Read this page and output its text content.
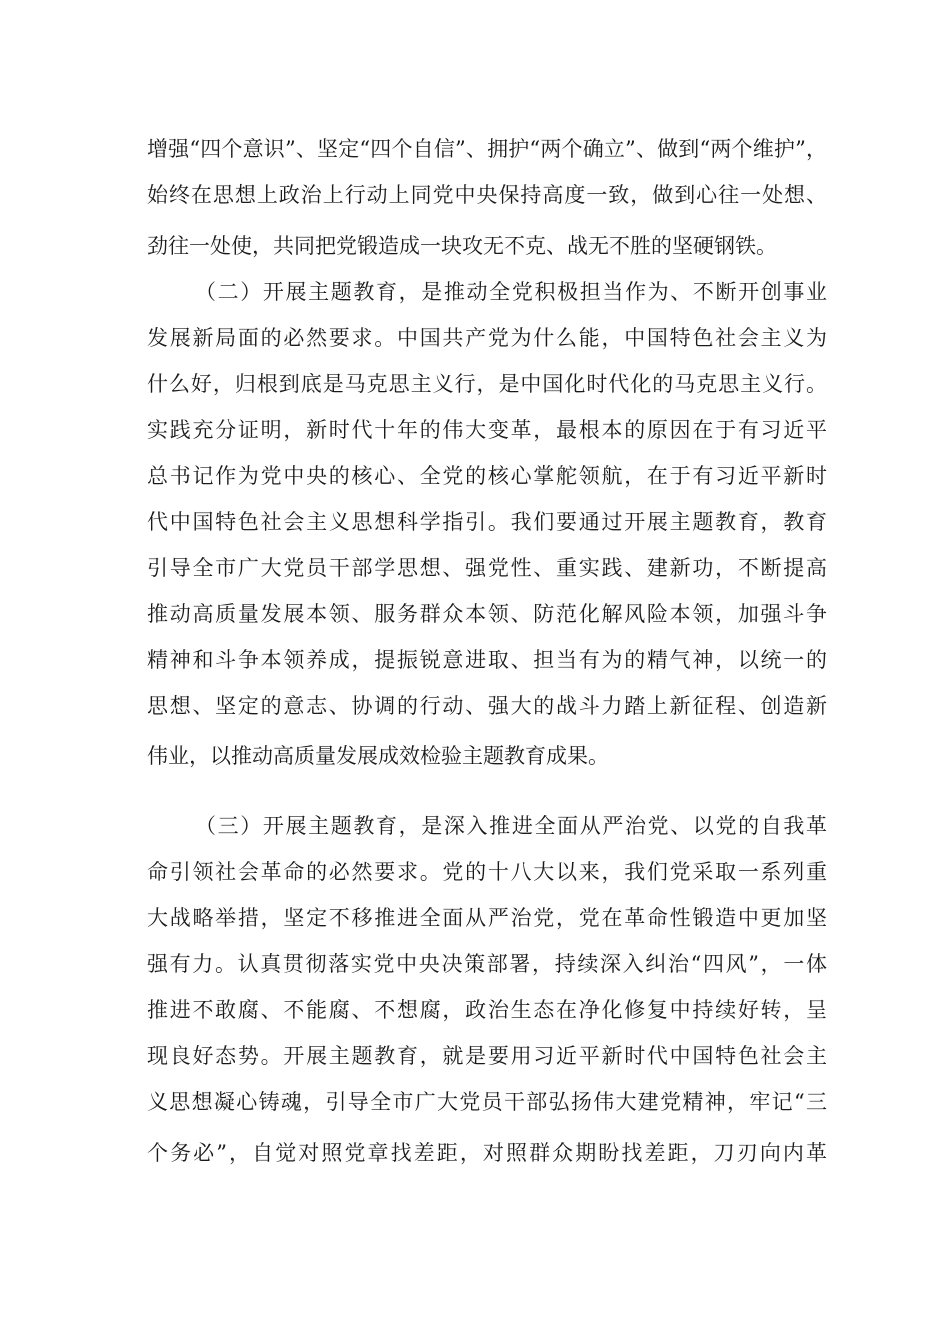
增强“四个意识”、坚定“四个自信”、拥护“两个确立”、做到“两个维护”，
始终在思想上政治上行动上同党中央保持高度一致，做到心往一处想、
劲往一处使，共同把党锻造成一块攻无不克、战无不胜的坚硬钢铁。
（二）开展主题教育，是推动全党积极担当作为、不断开创事业
发展新局面的必然要求。中国共产党为什么能，中国特色社会主义为
什么好，归根到底是马克思主义行，是中国化时代化的马克思主义行。
实践充分证明，新时代十年的伟大变革，最根本的原因在于有习近平
总书记作为党中央的核心、全党的核心掌舵领航，在于有习近平新时
代中国特色社会主义思想科学指引。我们要通过开展主题教育，教育
引导全市广大党员干部学思想、强党性、重实践、建新功，不断提高
推动高质量发展本领、服务群众本领、防范化解风险本领，加强斗争
精神和斗争本领养成，提振锐意进取、担当有为的精气神，以统一的
思想、坚定的意志、协调的行动、强大的战斗力踏上新征程、创造新
伟业，以推动高质量发展成效检验主题教育成果。
（三）开展主题教育，是深入推进全面从严治党、以党的自我革
命引领社会革命的必然要求。党的十八大以来，我们党采取一系列重
大战略举措，坚定不移推进全面从严治党，党在革命性锻造中更加坚
强有力。认真贯彻落实党中央决策部署，持续深入纠治“四风”，一体
推进不敢腐、不能腐、不想腐，政治生态在净化修复中持续好转，呈
现良好态势。开展主题教育，就是要用习近平新时代中国特色社会主
义思想凝心铸魂，引导全市广大党员干部弘扬伟大建党精神，牢记“三
个务必”，自觉对照党章找差距，对照群众期盼找差距，刀刃向内革
